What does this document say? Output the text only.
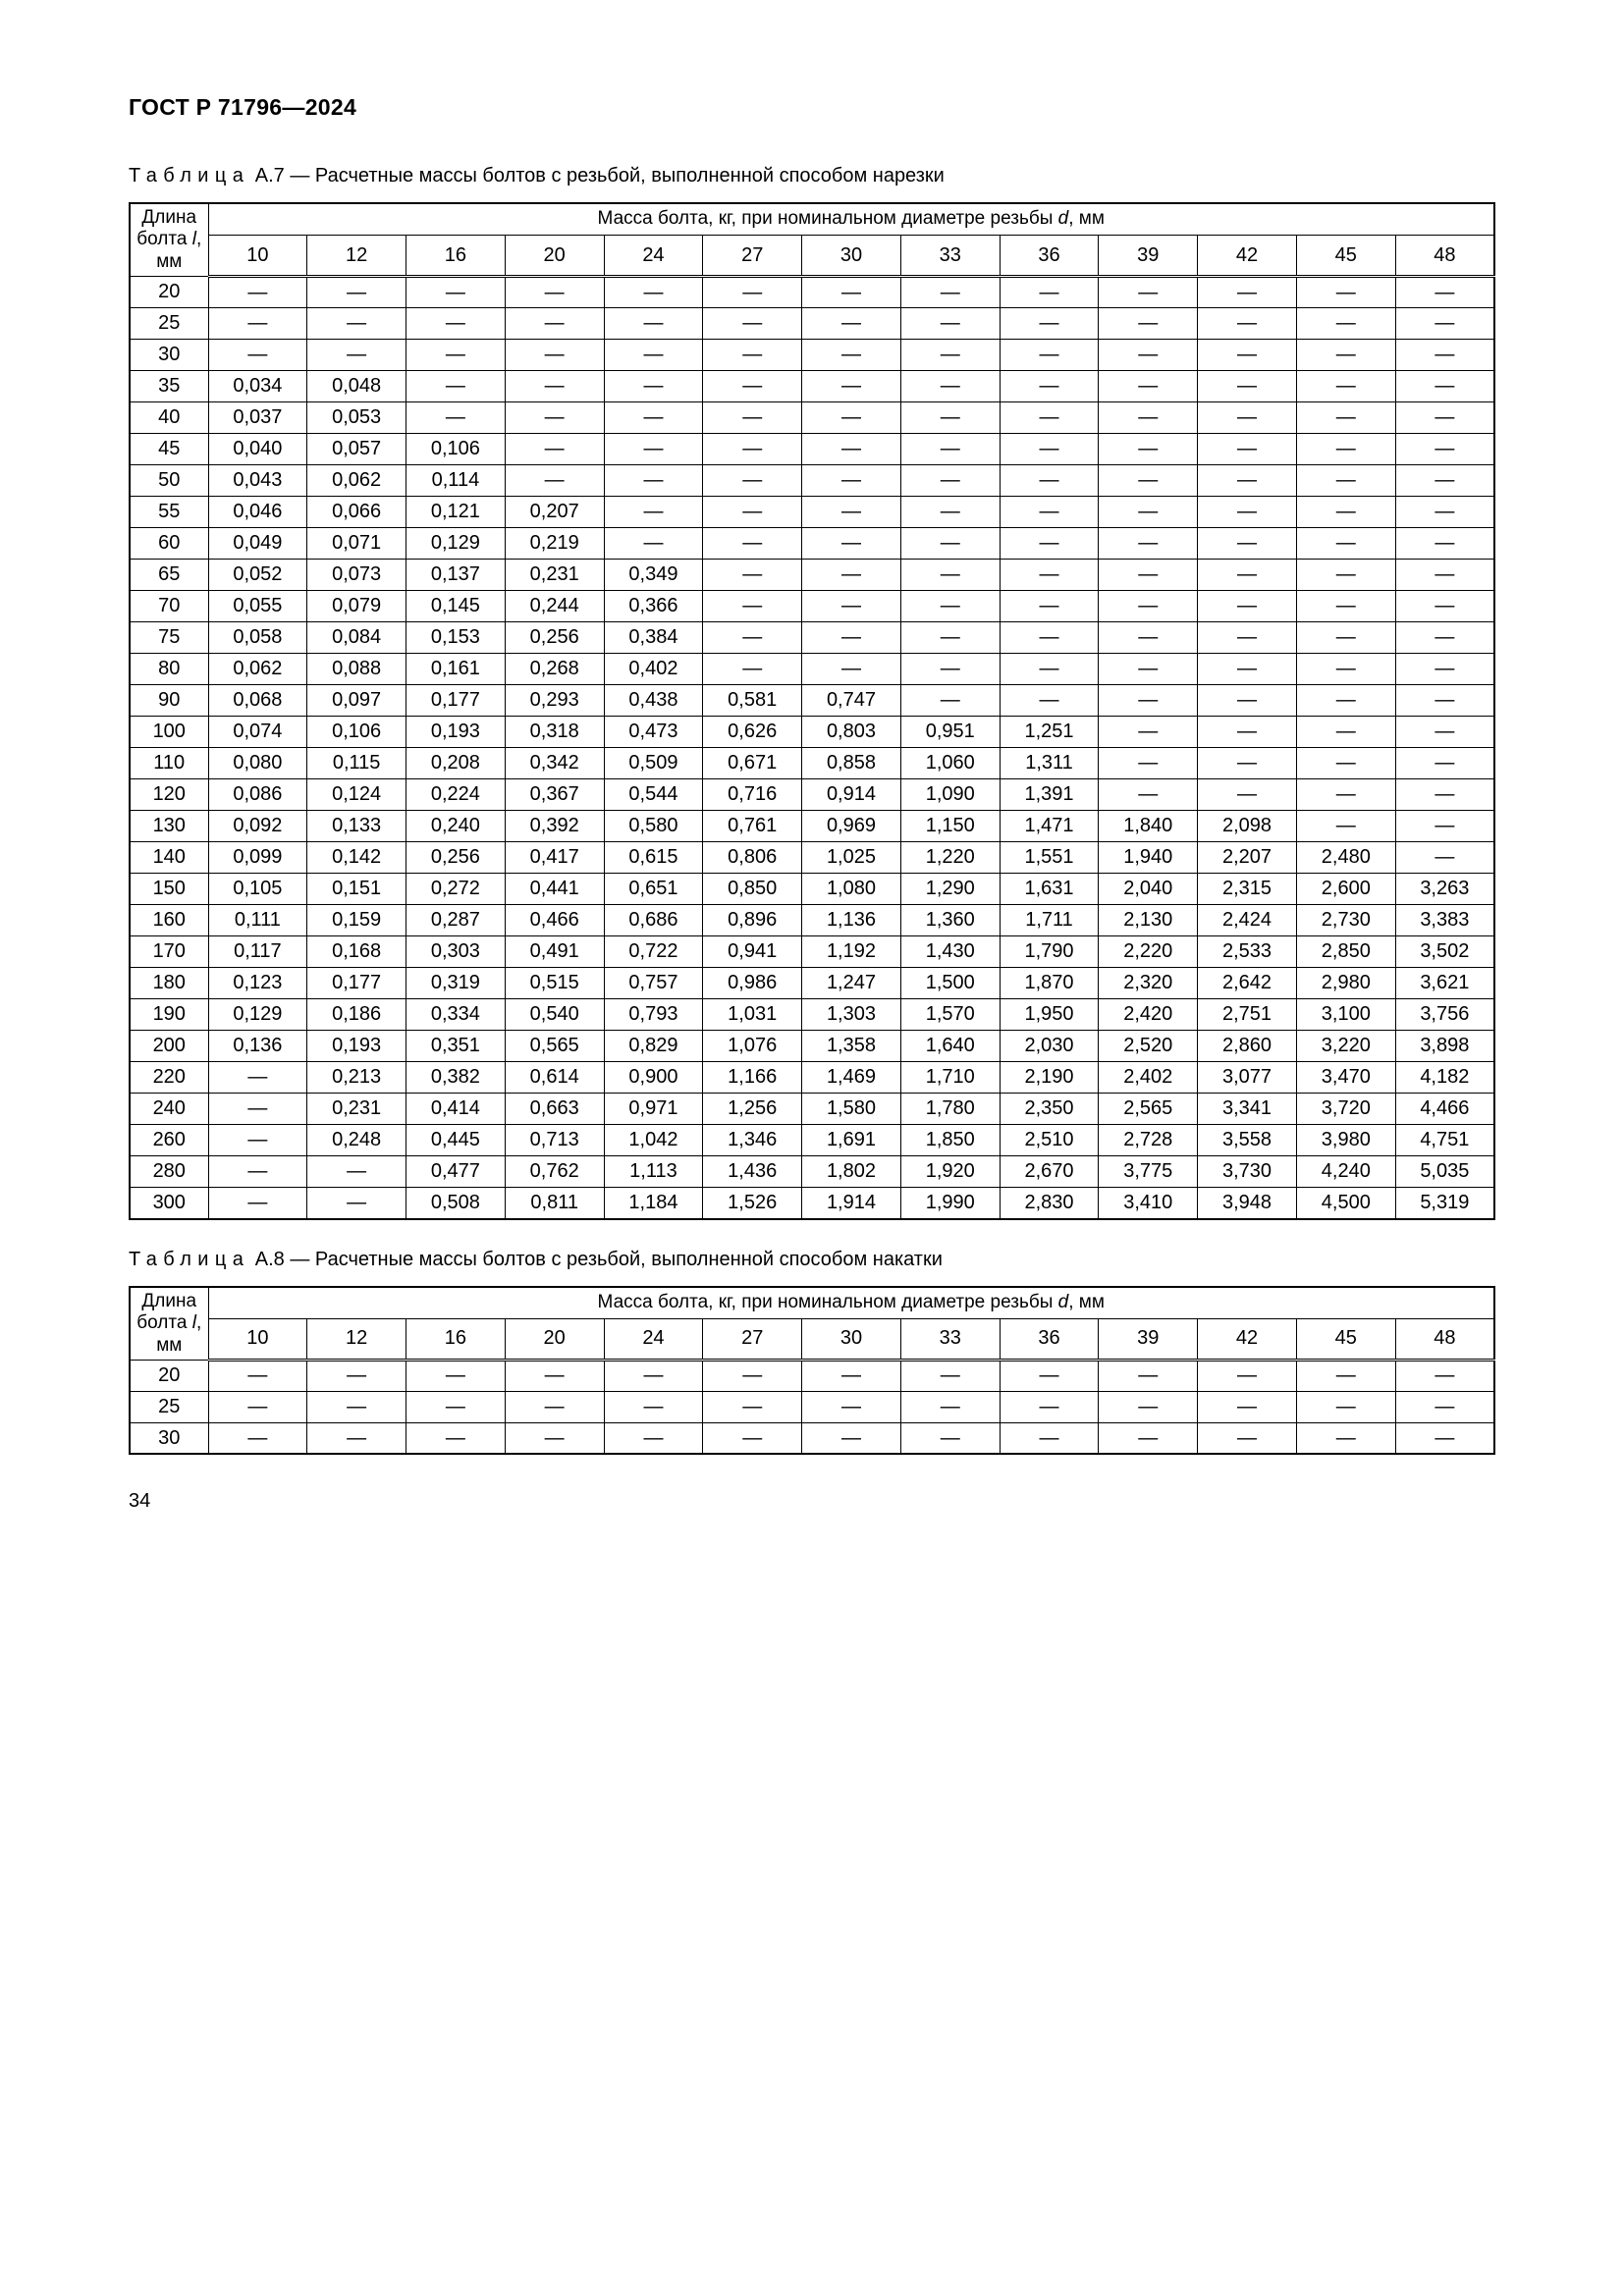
ГОСТ Р 71796—2024

Таблица А.7 — Расчетные массы болтов с резьбой, выполненной способом нарезки

Длина болта l, мм	Масса болта, кг, при номинальном диаметре резьбы d, мм												
	10	12	16	20	24	27	30	33	36	39	42	45	48
20	—	—	—	—	—	—	—	—	—	—	—	—	—
25	—	—	—	—	—	—	—	—	—	—	—	—	—
30	—	—	—	—	—	—	—	—	—	—	—	—	—
35	0,034	0,048	—	—	—	—	—	—	—	—	—	—	—
40	0,037	0,053	—	—	—	—	—	—	—	—	—	—	—
45	0,040	0,057	0,106	—	—	—	—	—	—	—	—	—	—
50	0,043	0,062	0,114	—	—	—	—	—	—	—	—	—	—
55	0,046	0,066	0,121	0,207	—	—	—	—	—	—	—	—	—
60	0,049	0,071	0,129	0,219	—	—	—	—	—	—	—	—	—
65	0,052	0,073	0,137	0,231	0,349	—	—	—	—	—	—	—	—
70	0,055	0,079	0,145	0,244	0,366	—	—	—	—	—	—	—	—
75	0,058	0,084	0,153	0,256	0,384	—	—	—	—	—	—	—	—
80	0,062	0,088	0,161	0,268	0,402	—	—	—	—	—	—	—	—
90	0,068	0,097	0,177	0,293	0,438	0,581	0,747	—	—	—	—	—	—
100	0,074	0,106	0,193	0,318	0,473	0,626	0,803	0,951	1,251	—	—	—	—
110	0,080	0,115	0,208	0,342	0,509	0,671	0,858	1,060	1,311	—	—	—	—
120	0,086	0,124	0,224	0,367	0,544	0,716	0,914	1,090	1,391	—	—	—	—
130	0,092	0,133	0,240	0,392	0,580	0,761	0,969	1,150	1,471	1,840	2,098	—	—
140	0,099	0,142	0,256	0,417	0,615	0,806	1,025	1,220	1,551	1,940	2,207	2,480	—
150	0,105	0,151	0,272	0,441	0,651	0,850	1,080	1,290	1,631	2,040	2,315	2,600	3,263
160	0,111	0,159	0,287	0,466	0,686	0,896	1,136	1,360	1,711	2,130	2,424	2,730	3,383
170	0,117	0,168	0,303	0,491	0,722	0,941	1,192	1,430	1,790	2,220	2,533	2,850	3,502
180	0,123	0,177	0,319	0,515	0,757	0,986	1,247	1,500	1,870	2,320	2,642	2,980	3,621
190	0,129	0,186	0,334	0,540	0,793	1,031	1,303	1,570	1,950	2,420	2,751	3,100	3,756
200	0,136	0,193	0,351	0,565	0,829	1,076	1,358	1,640	2,030	2,520	2,860	3,220	3,898
220	—	0,213	0,382	0,614	0,900	1,166	1,469	1,710	2,190	2,402	3,077	3,470	4,182
240	—	0,231	0,414	0,663	0,971	1,256	1,580	1,780	2,350	2,565	3,341	3,720	4,466
260	—	0,248	0,445	0,713	1,042	1,346	1,691	1,850	2,510	2,728	3,558	3,980	4,751
280	—	—	0,477	0,762	1,113	1,436	1,802	1,920	2,670	3,775	3,730	4,240	5,035
300	—	—	0,508	0,811	1,184	1,526	1,914	1,990	2,830	3,410	3,948	4,500	5,319

Таблица А.8 — Расчетные массы болтов с резьбой, выполненной способом накатки

Длина болта l, мм	Масса болта, кг, при номинальном диаметре резьбы d, мм												
	10	12	16	20	24	27	30	33	36	39	42	45	48
20	—	—	—	—	—	—	—	—	—	—	—	—	—
25	—	—	—	—	—	—	—	—	—	—	—	—	—
30	—	—	—	—	—	—	—	—	—	—	—	—	—
34
